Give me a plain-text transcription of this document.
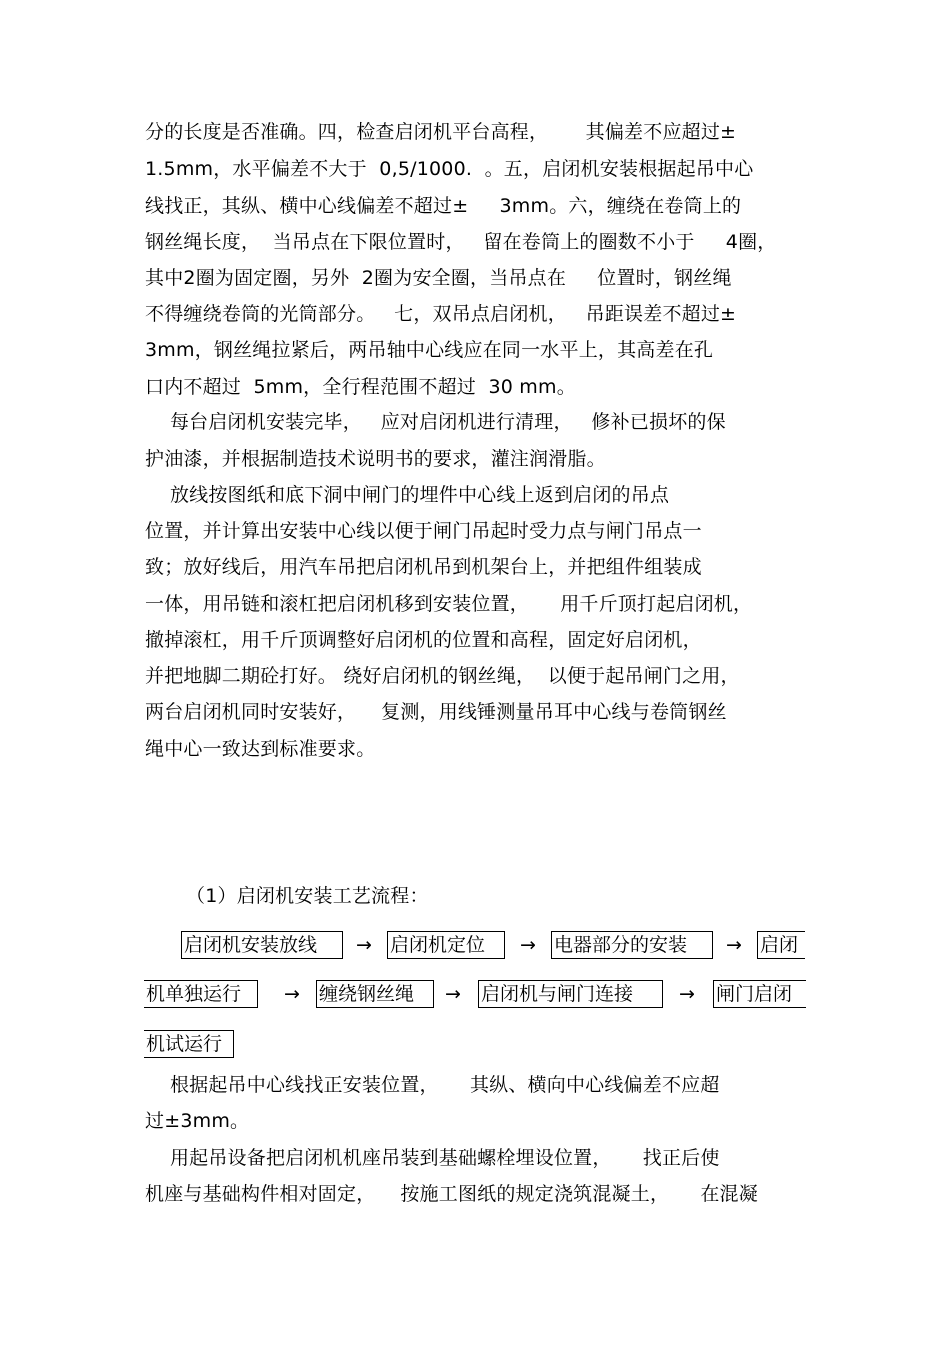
分的长度是否准确。四，检查启闭机平台高程，      其偏差不应超过±
1.5mm，水平偏差不大于  0,5/1000.  。五，启闭机安装根据起吊中心
线找正，其纵、横中心线偏差不超过±     3mm。六，缠绕在卷筒上的
钢丝绳长度，  当吊点在下限位置时，   留在卷筒上的圈数不小于     4圈，
其中2圈为固定圈，另外  2圈为安全圈，当吊点在     位置时，钢丝绳
不得缠绕卷筒的光筒部分。   七，双吊点启闭机，   吊距误差不超过±
3mm，钢丝绳拉紧后，两吊轴中心线应在同一水平上，其高差在孔
口内不超过  5mm，全行程范围不超过  30 mm。
每台启闭机安装完毕，   应对启闭机进行清理，   修补已损坏的保
护油漆，并根据制造技术说明书的要求，灌注润滑脂。
放线按图纸和底下洞中闸门的埋件中心线上返到启闭的吊点
位置，并计算出安装中心线以便于闸门吊起时受力点与闸门吊点一
致；放好线后，用汽车吊把启闭机吊到机架台上，并把组件组装成
一体，用吊链和滚杠把启闭机移到安装位置，     用千斤顶打起启闭机，
撤掉滚杠，用千斤顶调整好启闭机的位置和高程，固定好启闭机，
并把地脚二期砼打好。 绕好启闭机的钢丝绳，  以便于起吊闸门之用，
两台启闭机同时安装好，    复测，用线锤测量吊耳中心线与卷筒钢丝
绳中心一致达到标准要求。
（1）启闭机安装工艺流程：
启闭机安装放线	→ 启闭机定位	→ 电器部分的安装	→ 启闭
机单独运行	→ 缠绕钢丝绳	→ 启闭机与闸门连接	→ 闸门启闭
机试运行
根据起吊中心线找正安装位置，     其纵、横向中心线偏差不应超
过±3mm。
用起吊设备把启闭机机座吊装到基础螺栓埋设位置，     找正后使
机座与基础构件相对固定，    按施工图纸的规定浇筑混凝土，     在混凝
